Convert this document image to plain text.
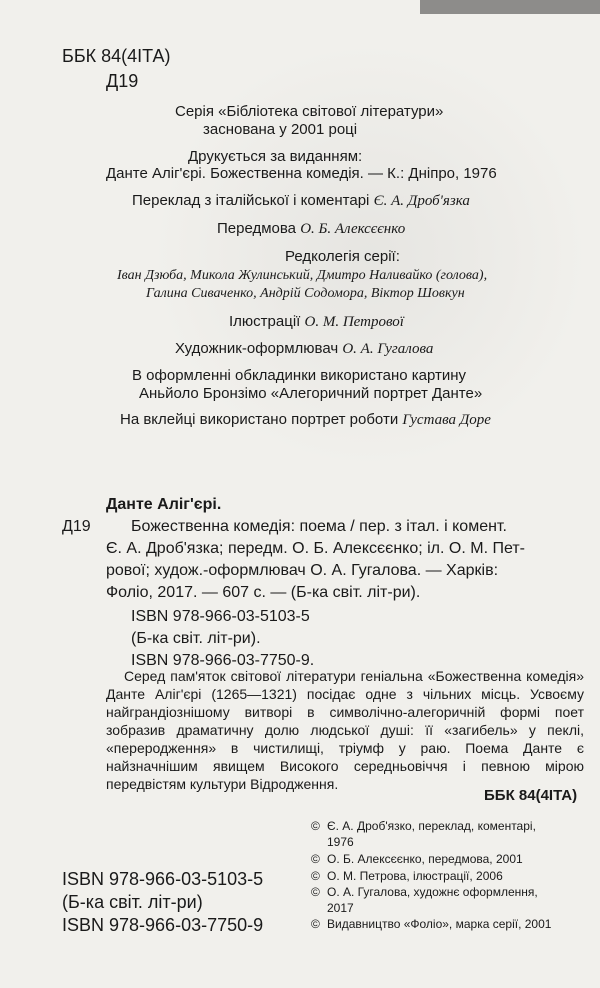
ББК 84(4ІТА)

Д19

Серія «Бібліотека світової літератури»

заснована у 2001 році

Друкується за виданням:

Данте Аліг'єрі. Божественна комедія. — К.: Дніпро, 1976

Переклад з італійської і коментарі Є. А. Дроб'язка

Передмова О. Б. Алексєєнко

Редколегія серії:

Іван Дзюба, Микола Жулинський, Дмитро Наливайко (голова),

Галина Сиваченко, Андрій Содомора, Віктор Шовкун

Ілюстрації О. М. Петрової

Художник-оформлювач О. А. Гугалова

В оформленні обкладинки використано картину

Аньйоло Бронзімо «Алегоричний портрет Данте»

На вклейці використано портрет роботи Густава Доре

Данте Аліг'єрі.

Д19	Божественна комедія: поема / пер. з італ. і комент.

Є. А. Дроб'язка; передм. О. Б. Алексєєнко; іл. О. М. Пет-

рової; худож.-оформлювач О. А. Гугалова. — Харків:

Фоліо, 2017. — 607 с. — (Б-ка світ. літ-ри).

ISBN 978-966-03-5103-5

(Б-ка світ. літ-ри).

ISBN 978-966-03-7750-9.

Серед пам'яток світової літератури геніальна «Божественна комедія» Данте Аліг'єрі (1265—1321) посідає одне з чільних місць. Усвоєму найграндіознішому витворі в символічно-алегоричній формі поет зобразив драматичну долю людської душі: її «загибель» у пеклі, «переродження» в чистилищі, тріумф у раю. Поема Данте є найзначнішим явищем Високого середньовіччя і певною мірою передвістям культури Відродження.

ББК 84(4ІТА)

ISBN 978-966-03-5103-5

(Б-ка світ. літ-ри)

ISBN 978-966-03-7750-9

© Є. А. Дроб'язко, переклад, коментарі,

1976

© О. Б. Алексєєнко, передмова, 2001

© О. М. Петрова, ілюстрації, 2006

© О. А. Гугалова, художнє оформлення,

2017

© Видавництво «Фоліо», марка серії, 2001
